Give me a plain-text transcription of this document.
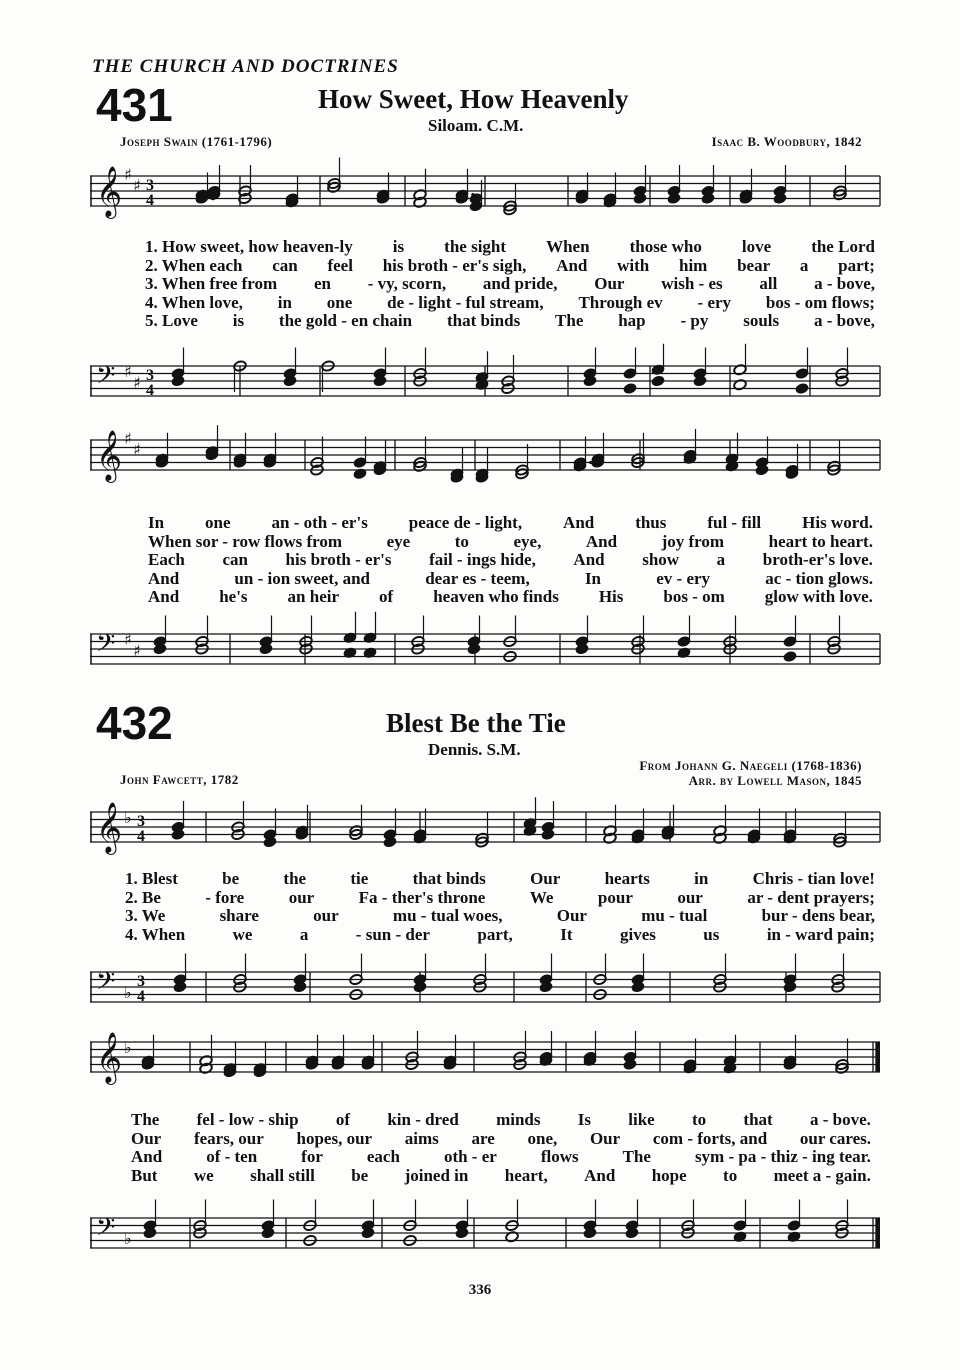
THE CHURCH AND DOCTRINES
431	How Sweet, How Heavenly
Siloam. C.M.
Joseph Swain (1761-1796)	Isaac B. Woodbury, 1842
𝄞 ♯
♯ 3
4
1. How sweet, how heaven-ly is the sight When those who love the Lord
2. When each can feel his broth - er's sigh, And with him bear a part;
3. When free from en - vy, scorn, and pride, Our wish - es all a - bove,
4. When love, in one de - light - ful stream, Through ev - ery bos - om flows;
5. Love is the gold - en chain that binds The hap - py souls a - bove,
𝄢 ♯
♯ 3
4
𝄞 ♯
♯
In one an - oth - er's peace de - light, And thus ful - fill His word.
When sor - row flows from	eye	to	eye,	And	joy from	heart to heart.
Each can his broth - er's fail - ings hide, And show a broth-er's love.
And	un - ion sweet, and	dear es - teem,	In	ev - ery	ac - tion glows.
And he's an heir of heaven who finds His bos - om glow with love.
𝄢 ♯
♯
432	Blest Be the Tie
Dennis. S.M.
John Fawcett, 1782
From Johann G. Naegeli (1768-1836)
Arr. by Lowell Mason, 1845
𝄞 ♭ 3
4
1. Blest	be	the	tie	that binds	Our	hearts	in	Chris - tian love!
2. Be	- fore	our	Fa - ther's throne	We	pour	our	ar - dent prayers;
3. We	share	our	mu - tual woes,	Our	mu - tual	bur - dens bear,
4. When	we	a	- sun - der	part,	It	gives	us	in - ward pain;
𝄢 ♭
3
4
𝄞 ♭
The fel - low - ship of kin - dred minds Is like to that a - bove.
Our fears, our hopes, our aims are one, Our com - forts, and our cares.
And	of - ten	for	each	oth - er	flows	The	sym - pa - thiz - ing tear.
But we shall still be joined in heart, And hope to meet a - gain.
𝄢 ♭
336
